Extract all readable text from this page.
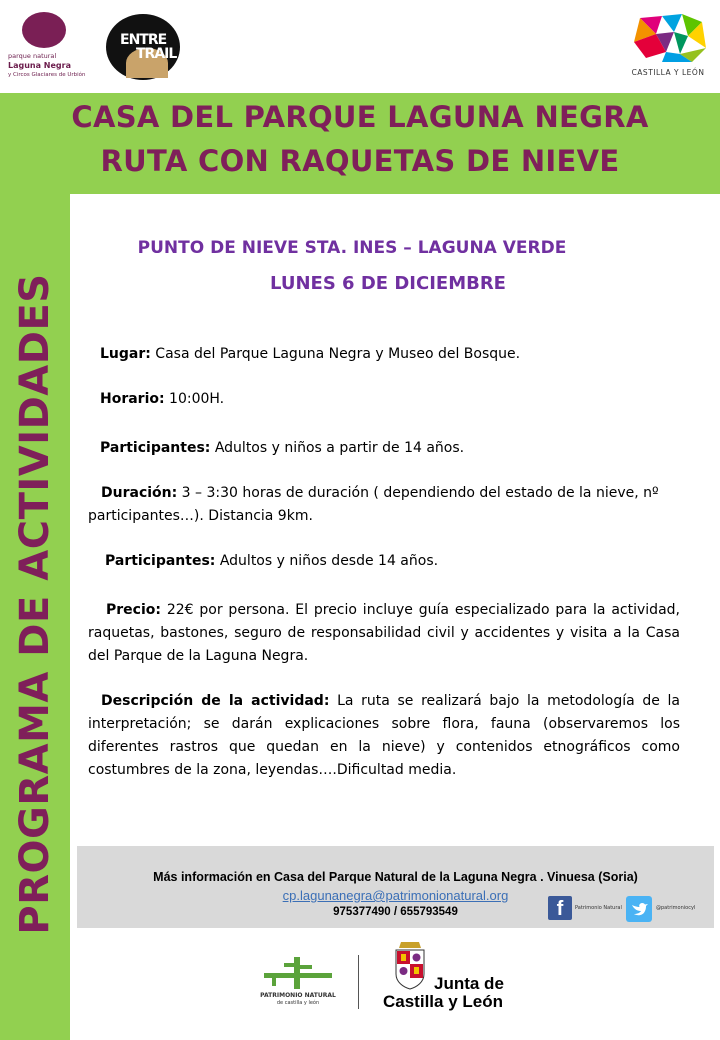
parque natural
Laguna Negra
y Circos Glaciares de Urbión
ENTRE
TRAIL
CASTILLA Y LEÓN
CASA DEL PARQUE LAGUNA NEGRA
RUTA CON RAQUETAS DE NIEVE
PROGRAMA DE ACTIVIDADES
PUNTO DE NIEVE STA. INES – LAGUNA VERDE
LUNES 6 DE DICIEMBRE
Lugar: Casa del Parque Laguna Negra y Museo del Bosque.
Horario: 10:00H.
Participantes: Adultos y niños a partir de 14 años.
Duración: 3 – 3:30 horas de duración ( dependiendo del estado de la nieve, nº participantes…). Distancia 9km.
Participantes: Adultos y niños desde 14 años.
Precio: 22€ por persona. El precio incluye guía especializado para la actividad, raquetas, bastones, seguro de responsabilidad civil y accidentes y visita a la Casa del Parque de la Laguna Negra.
Descripción de la actividad: La ruta se realizará bajo la metodología de la interpretación; se darán explicaciones sobre flora, fauna (observaremos los diferentes rastros que quedan en la nieve) y contenidos etnográficos como costumbres de la zona, leyendas….Dificultad media.
Más información en Casa del Parque Natural de la Laguna Negra . Vinuesa (Soria)
cp.lagunanegra@patrimonionatural.org
975377490 / 655793549	f	Patrimonio Natural	@patrimoniocyl
PATRIMONIO NATURAL
de castilla y león
Junta de
Castilla y León
